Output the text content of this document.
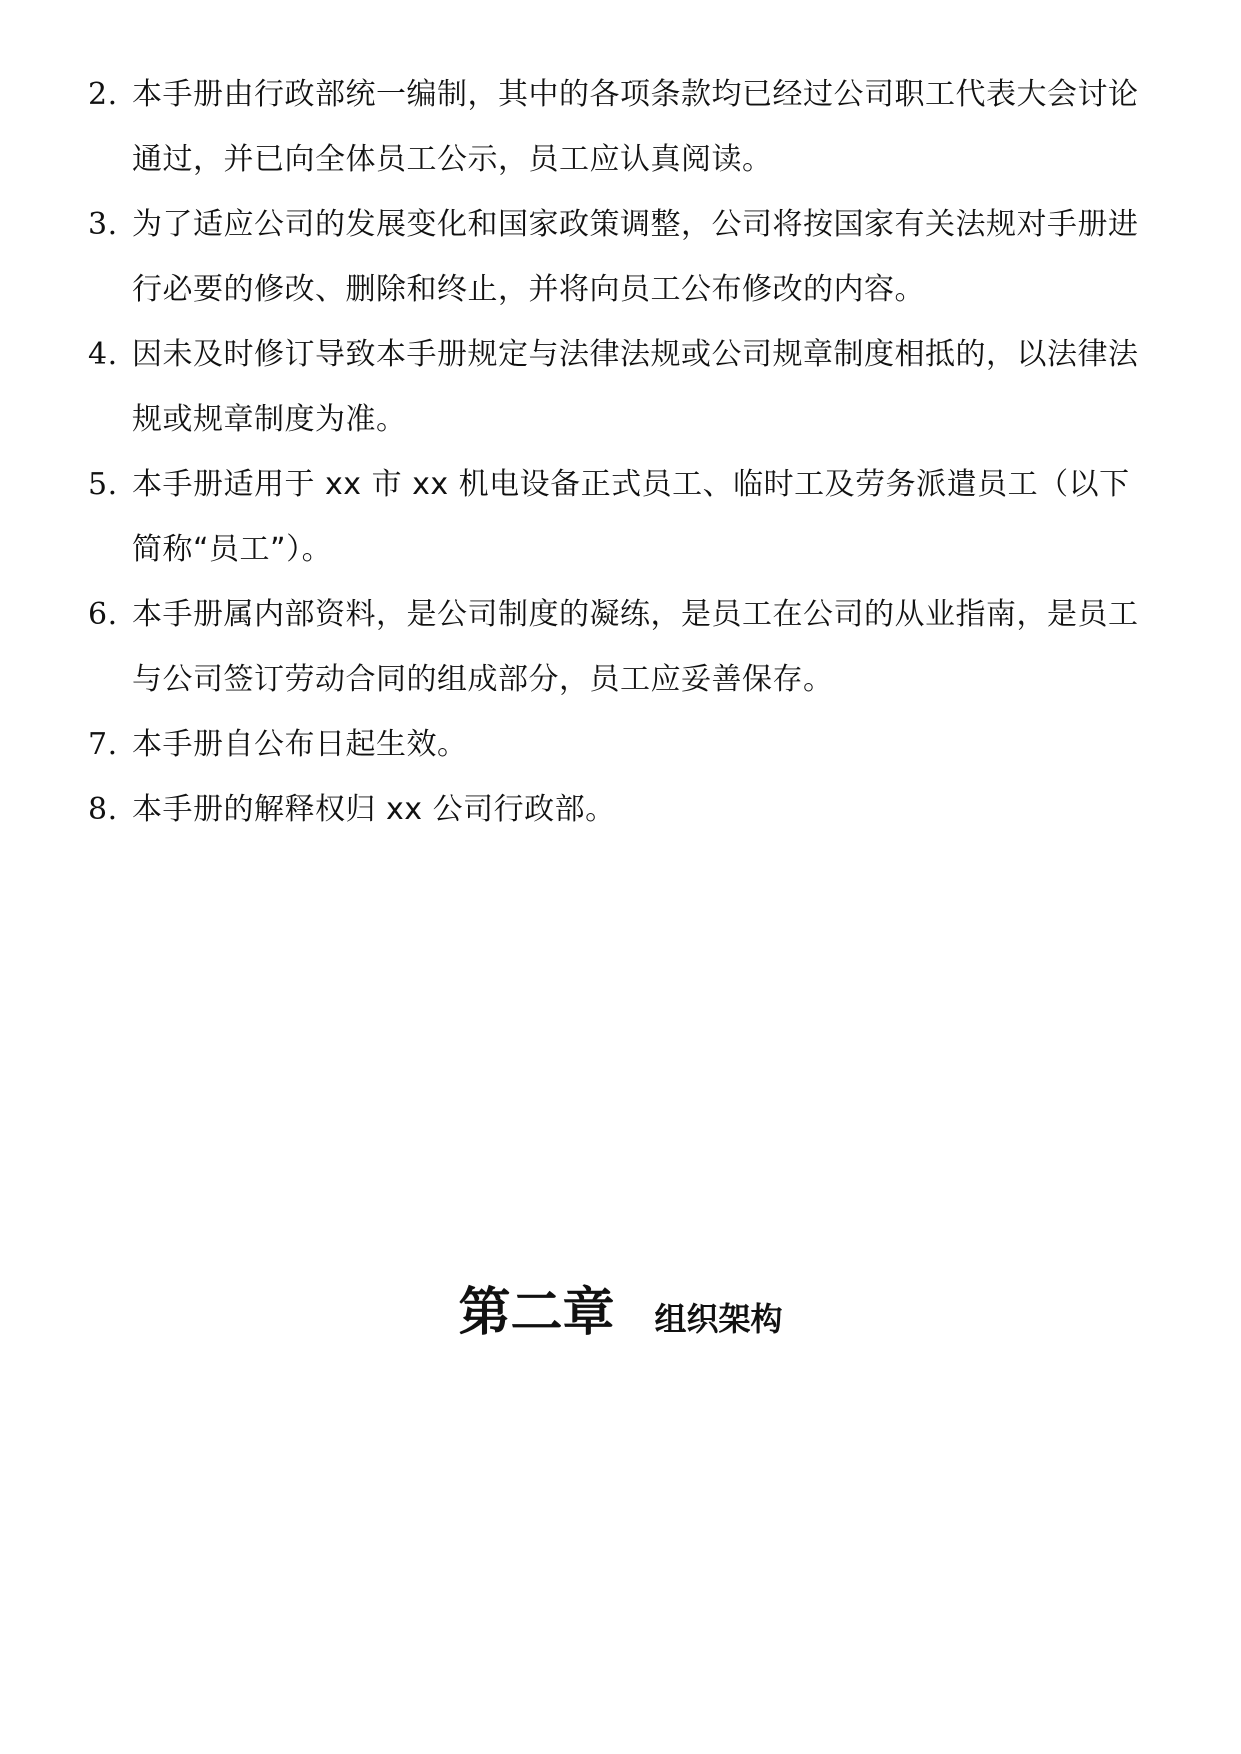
2. 本手册由行政部统一编制，其中的各项条款均已经过公司职工代表大会讨论通过，并已向全体员工公示，员工应认真阅读。
3. 为了适应公司的发展变化和国家政策调整，公司将按国家有关法规对手册进行必要的修改、删除和终止，并将向员工公布修改的内容。
4. 因未及时修订导致本手册规定与法律法规或公司规章制度相抵的，以法律法规或规章制度为准。
5. 本手册适用于 xx 市 xx 机电设备正式员工、临时工及劳务派遣员工（以下简称“员工”）。
6. 本手册属内部资料，是公司制度的凝练，是员工在公司的从业指南，是员工与公司签订劳动合同的组成部分，员工应妥善保存。
7. 本手册自公布日起生效。
8. 本手册的解释权归 xx 公司行政部。
第二章 组织架构
